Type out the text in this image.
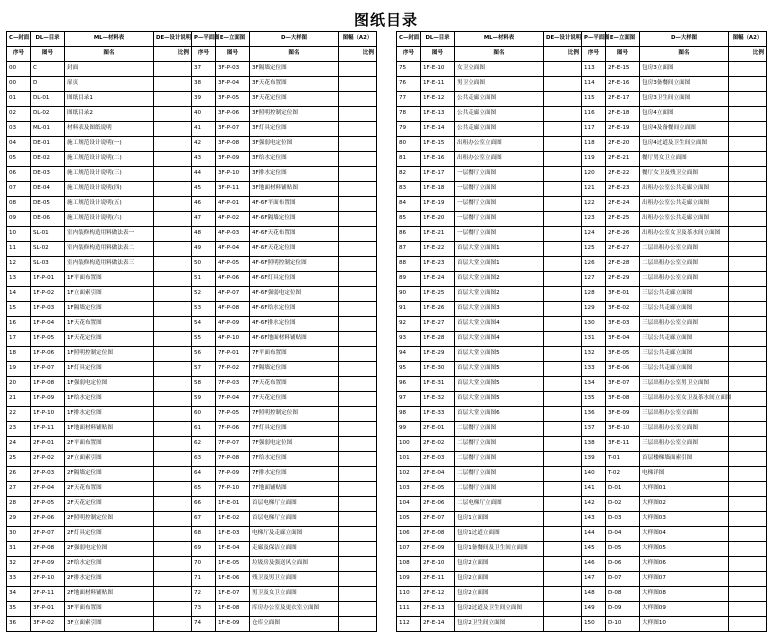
图纸目录
C—封面	DL—目录	ML—材料表	DE—设计说明	P—平面图	E—立面图	D—大样图	图幅（A2）
序号	图号	图名	比例	序号	图号	图名	比例
00	C	封面		37	3F-P-03	3F隔墙定位图	
00	D	扉页		38	3F-P-04	3F天花布置图	
01	DL-01	图纸目录1		39	3F-P-05	3F天花定位图	
02	DL-02	图纸目录2		40	3F-P-06	3F照明控制定位图	
03	ML-01	材料表及图纸说明		41	3F-P-07	3F灯具定位图	
04	DE-01	施工规范设计说明(一)		42	3F-P-08	3F强弱电定位图	
05	DE-02	施工规范设计说明(二)		43	3F-P-09	3F给水定位图	
06	DE-03	施工规范设计说明(三)		44	3F-P-10	3F排水定位图	
07	DE-04	施工规范设计说明(四)		45	3F-P-11	3F地面材料铺贴图	
08	DE-05	施工规范设计说明(五)		46	4F-P-01	4F-6F平面布置图	
09	DE-06	施工规范设计说明(六)		47	4F-P-02	4F-6F隔墙定位图	
10	SL-01	室内装修构造用料做法表一		48	4F-P-03	4F-6F天花布置图	
11	SL-02	室内装修构造用料做法表二		49	4F-P-04	4F-6F天花定位图	
12	SL-03	室内装修构造用料做法表三		50	4F-P-05	4F-6F照明控制定位图	
13	1F-P-01	1F平面布置图		51	4F-P-06	4F-6F灯具定位图	
14	1F-P-02	1F立面索引图		52	4F-P-07	4F-6F强弱电定位图	
15	1F-P-03	1F隔墙定位图		53	4F-P-08	4F-6F给水定位图	
16	1F-P-04	1F天花布置图		54	4F-P-09	4F-6F排水定位图	
17	1F-P-05	1F天花定位图		55	4F-P-10	4F-6F地面材料铺贴图	
18	1F-P-06	1F照明控制定位图		56	7F-P-01	7F平面布置图	
19	1F-P-07	1F灯具定位图		57	7F-P-02	7F隔墙定位图	
20	1F-P-08	1F强弱电定位图		58	7F-P-03	7F天花布置图	
21	1F-P-09	1F给水定位图		59	7F-P-04	7F天花定位图	
22	1F-P-10	1F排水定位图		60	7F-P-05	7F照明控制定位图	
23	1F-P-11	1F地面材料铺贴图		61	7F-P-06	7F灯具定位图	
24	2F-P-01	2F平面布置图		62	7F-P-07	7F强弱电定位图	
25	2F-P-02	2F立面索引图		63	7F-P-08	7F给水定位图	
26	2F-P-03	2F隔墙定位图		64	7F-P-09	7F排水定位图	
27	2F-P-04	2F天花布置图		65	7F-P-10	7F地面铺贴图	
28	2F-P-05	2F天花定位图		66	1F-E-01	首层电梯厅立面图	
29	2F-P-06	2F照明控制定位图		67	1F-E-02	首层电梯厅立面图	
30	2F-P-07	2F灯具定位图		68	1F-E-03	电梯厅及走廊立面图	
31	2F-P-08	2F强弱电定位图		69	1F-E-04	走廊及保洁立面图	
32	2F-P-09	2F给水定位图		70	1F-E-05	垃圾房及强送风立面图	
33	2F-P-10	2F排水定位图		71	1F-E-06	残卫及男卫立面图	
34	2F-P-11	2F地面材料铺贴图		72	1F-E-07	男卫及女卫立面图	
35	3F-P-01	3F平面布置图		73	1F-E-08	库房办公室及更衣室立面图	
36	3F-P-02	3F立面索引图		74	1F-E-09	仓库立面图	
C—封面	DL—目录	ML—材料表	DE—设计说明	P—平面图	E—立面图	D—大样图	图幅（A2）
序号	图号	图名	比例	序号	图号	图名	比例
75	1F-E-10	女卫立面图		113	2F-E-15	包房3立面图	
76	1F-E-11	男卫立面图		114	2F-E-16	包房3备餐间立面图	
77	1F-E-12	公共走廊立面图		115	2F-E-17	包房3卫生间立面图	
78	1F-E-13	公共走廊立面图		116	2F-E-18	包房4立面图	
79	1F-E-14	公共走廊立面图		117	2F-E-19	包房4及备餐间立面图	
80	1F-E-15	出租办公室立面图		118	2F-E-20	包房4过道及卫生间立面图	
81	1F-E-16	出租办公室立面图		119	2F-E-21	餐厅男女卫立面图	
82	1F-E-17	一层餐厅立面图		120	2F-E-22	餐厅女卫及残卫立面图	
83	1F-E-18	一层餐厅立面图		121	2F-E-23	出租办公室公共走廊立面图	
84	1F-E-19	一层餐厅立面图		122	2F-E-24	出租办公室公共走廊立面图	
85	1F-E-20	一层餐厅立面图		123	2F-E-25	出租办公室公共走廊立面图	
86	1F-E-21	一层餐厅立面图		124	2F-E-26	出租办公室女卫及茶水间立面图	
87	1F-E-22	首层大堂立面图1		125	2F-E-27	二层出租办公室立面图	
88	1F-E-23	首层大堂立面图1		126	2F-E-28	二层出租办公室立面图	
89	1F-E-24	首层大堂立面图2		127	2F-E-29	二层出租办公室立面图	
90	1F-E-25	首层大堂立面图2		128	3F-E-01	三层公共走廊立面图	
91	1F-E-26	首层大堂立面图3		129	3F-E-02	三层公共走廊立面图	
92	1F-E-27	首层大堂立面图4		130	3F-E-03	三层出租办公室立面图	
93	1F-E-28	首层大堂立面图4		131	3F-E-04	三层公共走廊立面图	
94	1F-E-29	首层大堂立面图5		132	3F-E-05	三层公共走廊立面图	
95	1F-E-30	首层大堂立面图5		133	3F-E-06	三层公共走廊立面图	
96	1F-E-31	首层大堂立面图5		134	3F-E-07	三层出租办公室男卫立面图	
97	1F-E-32	首层大堂立面图5		135	3F-E-08	三层出租办公室女卫及茶水间立面图	
98	1F-E-33	首层大堂立面图6		136	3F-E-09	三层出租办公室立面图	
99	2F-E-01	二层餐厅立面图		137	3F-E-10	三层出租办公室立面图	
100	2F-E-02	二层餐厅立面图		138	3F-E-11	三层出租办公室立面图	
101	2F-E-03	二层餐厅立面图		139	T-01	首层楼梯墙面索引图	
102	2F-E-04	二层餐厅立面图		140	T-02	电梯详图	
103	2F-E-05	二层餐厅立面图		141	D-01	大样图01	
104	2F-E-06	二层电梯厅立面图		142	D-02	大样图02	
105	2F-E-07	包房1立面图		143	D-03	大样图03	
106	2F-E-08	包房1过道立面图		144	D-04	大样图04	
107	2F-E-09	包房1备餐间及卫生间立面图		145	D-05	大样图05	
108	2F-E-10	包房2立面图		146	D-06	大样图06	
109	2F-E-11	包房2立面图		147	D-07	大样图07	
110	2F-E-12	包房2立面图		148	D-08	大样图08	
111	2F-E-13	包房2过道及卫生间立面图		149	D-09	大样图09	
112	2F-E-14	包房2卫生间立面图		150	D-10	大样图10	
